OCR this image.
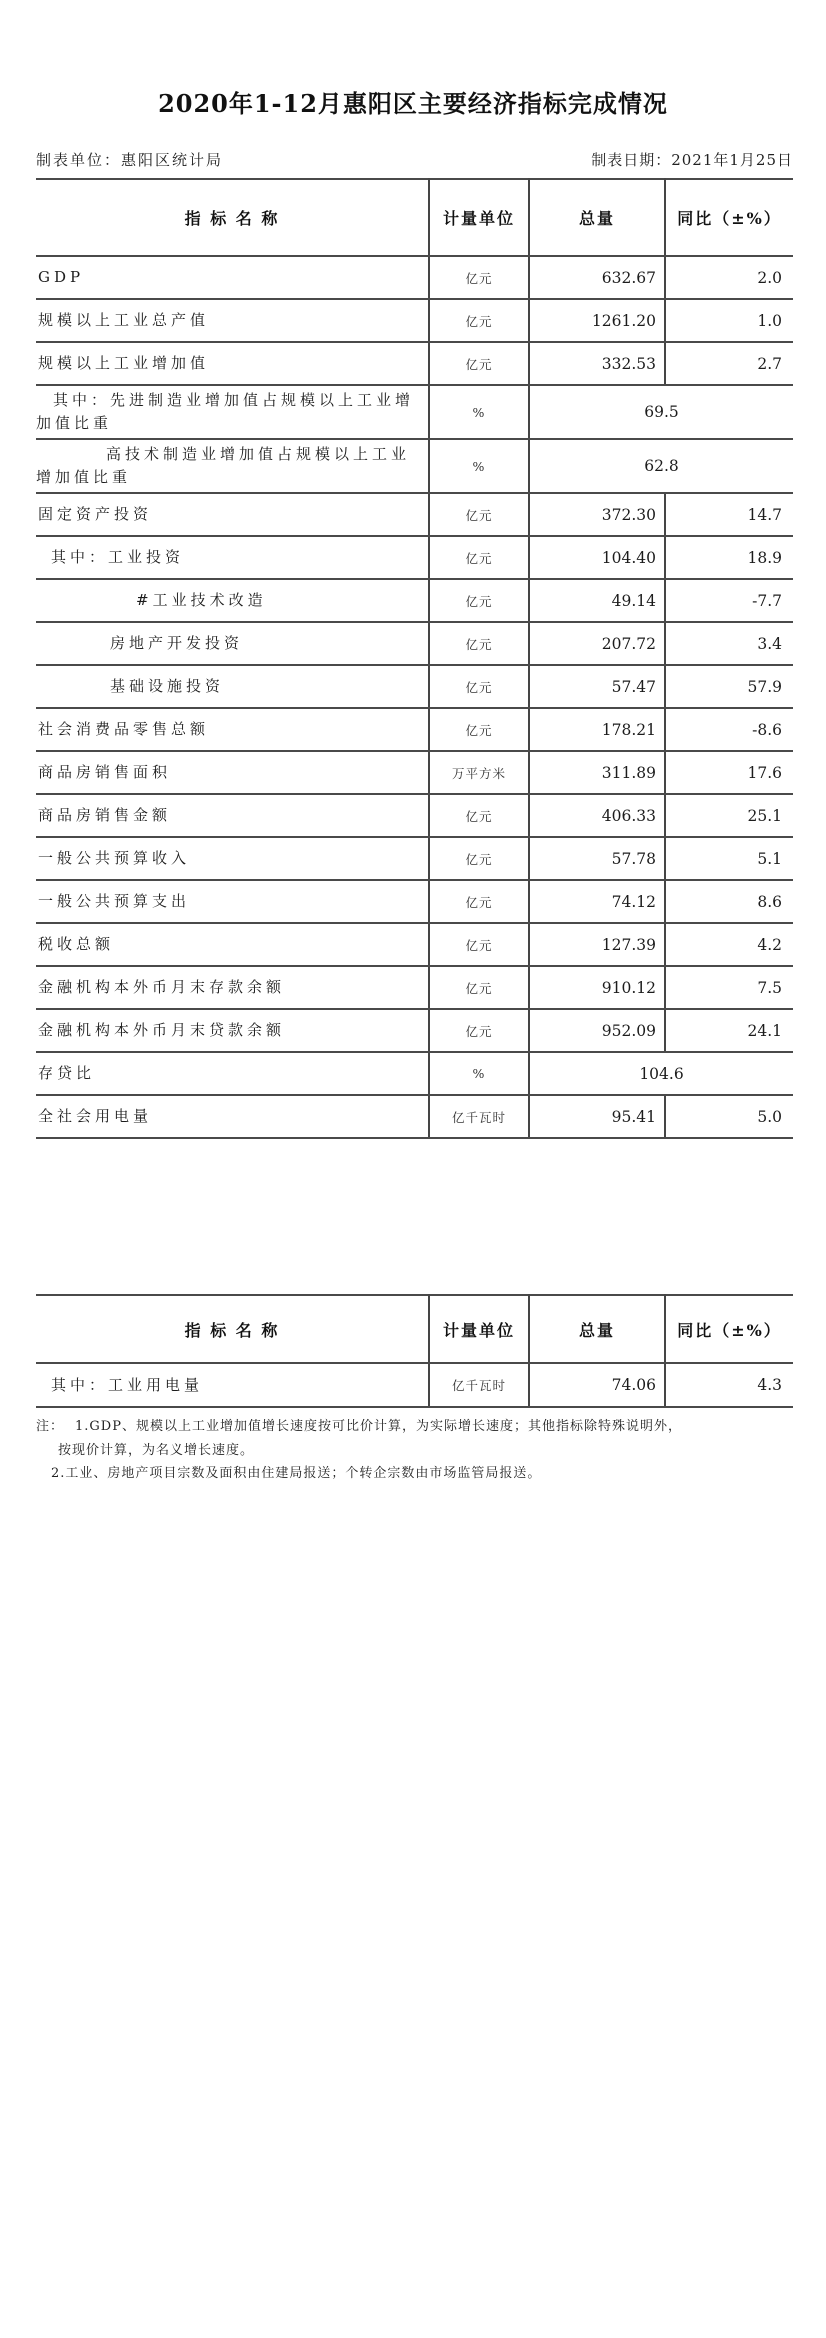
2020年1-12月惠阳区主要经济指标完成情况
制表单位：惠阳区统计局	制表日期：2021年1月25日
指 标 名 称	计量单位	总量	同比（±%）
GDP	亿元	632.67	2.0
规模以上工业总产值	亿元	1261.20	1.0
规模以上工业增加值	亿元	332.53	2.7
其中：先进制造业增加值占规模以上工业增加值比重	%	69.5	
高技术制造业增加值占规模以上工业增加值比重	%	62.8	
固定资产投资	亿元	372.30	14.7
其中：工业投资	亿元	104.40	18.9
#工业技术改造	亿元	49.14	-7.7
房地产开发投资	亿元	207.72	3.4
基础设施投资	亿元	57.47	57.9
社会消费品零售总额	亿元	178.21	-8.6
商品房销售面积	万平方米	311.89	17.6
商品房销售金额	亿元	406.33	25.1
一般公共预算收入	亿元	57.78	5.1
一般公共预算支出	亿元	74.12	8.6
税收总额	亿元	127.39	4.2
金融机构本外币月末存款余额	亿元	910.12	7.5
金融机构本外币月末贷款余额	亿元	952.09	24.1
存贷比	%	104.6	
全社会用电量	亿千瓦时	95.41	5.0
指 标 名 称	计量单位	总量	同比（±%）
其中：工业用电量	亿千瓦时	74.06	4.3
注： 1.GDP、规模以上工业增加值增长速度按可比价计算，为实际增长速度；其他指标除特殊说明外，
按现价计算，为名义增长速度。
2.工业、房地产项目宗数及面积由住建局报送；个转企宗数由市场监管局报送。
